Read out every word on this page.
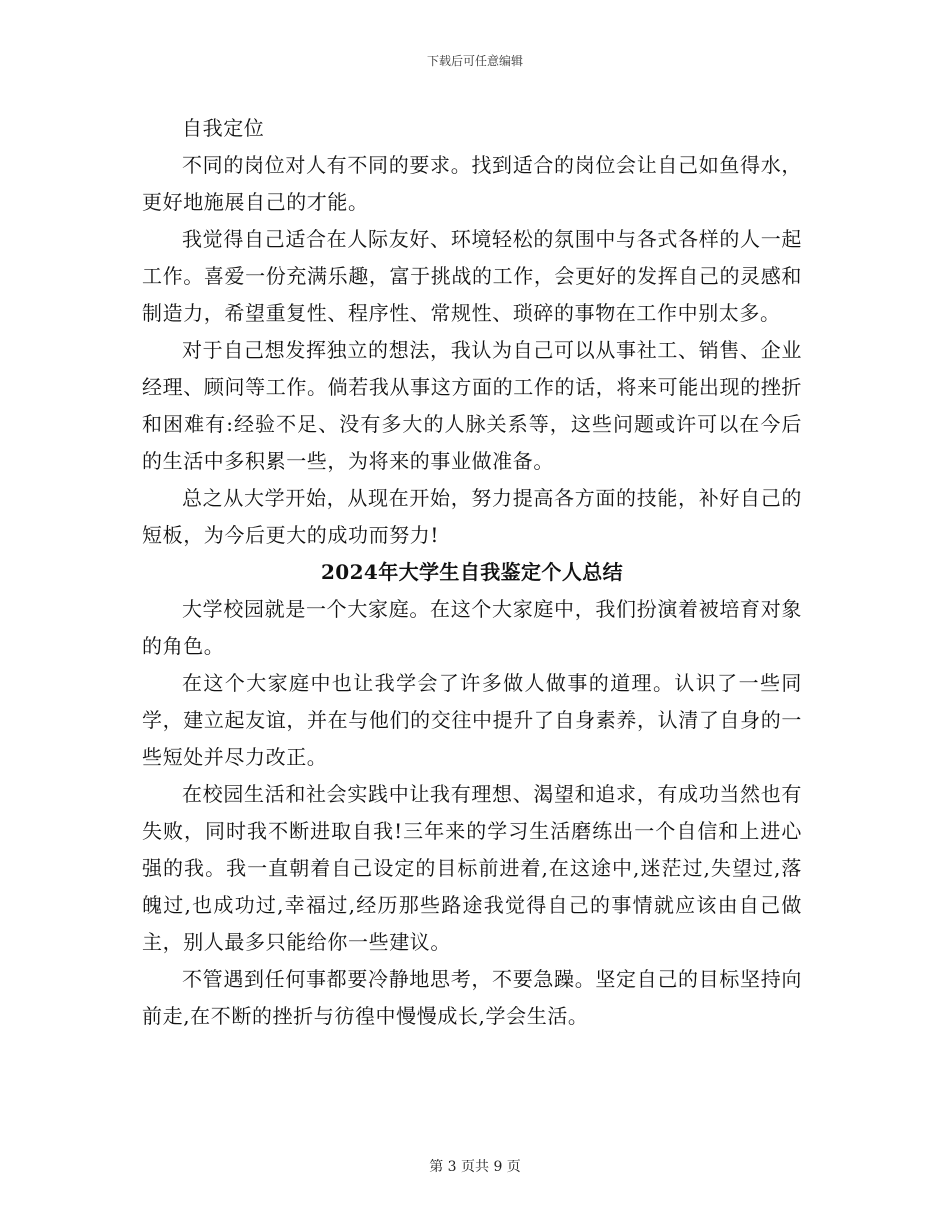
下载后可任意编辑

自我定位

不同的岗位对人有不同的要求。找到适合的岗位会让自己如鱼得水，更好地施展自己的才能。

我觉得自己适合在人际友好、环境轻松的氛围中与各式各样的人一起工作。喜爱一份充满乐趣，富于挑战的工作，会更好的发挥自己的灵感和制造力，希望重复性、程序性、常规性、琐碎的事物在工作中别太多。

对于自己想发挥独立的想法，我认为自己可以从事社工、销售、企业经理、顾问等工作。倘若我从事这方面的工作的话，将来可能出现的挫折和困难有:经验不足、没有多大的人脉关系等，这些问题或许可以在今后的生活中多积累一些，为将来的事业做准备。

总之从大学开始，从现在开始，努力提高各方面的技能，补好自己的短板，为今后更大的成功而努力!

2024年大学生自我鉴定个人总结

大学校园就是一个大家庭。在这个大家庭中，我们扮演着被培育对象的角色。

在这个大家庭中也让我学会了许多做人做事的道理。认识了一些同学，建立起友谊，并在与他们的交往中提升了自身素养，认清了自身的一些短处并尽力改正。

在校园生活和社会实践中让我有理想、渴望和追求，有成功当然也有失败，同时我不断进取自我!三年来的学习生活磨练出一个自信和上进心强的我。我一直朝着自己设定的目标前进着,在这途中,迷茫过,失望过,落魄过,也成功过,幸福过,经历那些路途我觉得自己的事情就应该由自己做主，别人最多只能给你一些建议。

不管遇到任何事都要冷静地思考，不要急躁。坚定自己的目标坚持向前走,在不断的挫折与彷徨中慢慢成长,学会生活。

第 3 页共 9 页
